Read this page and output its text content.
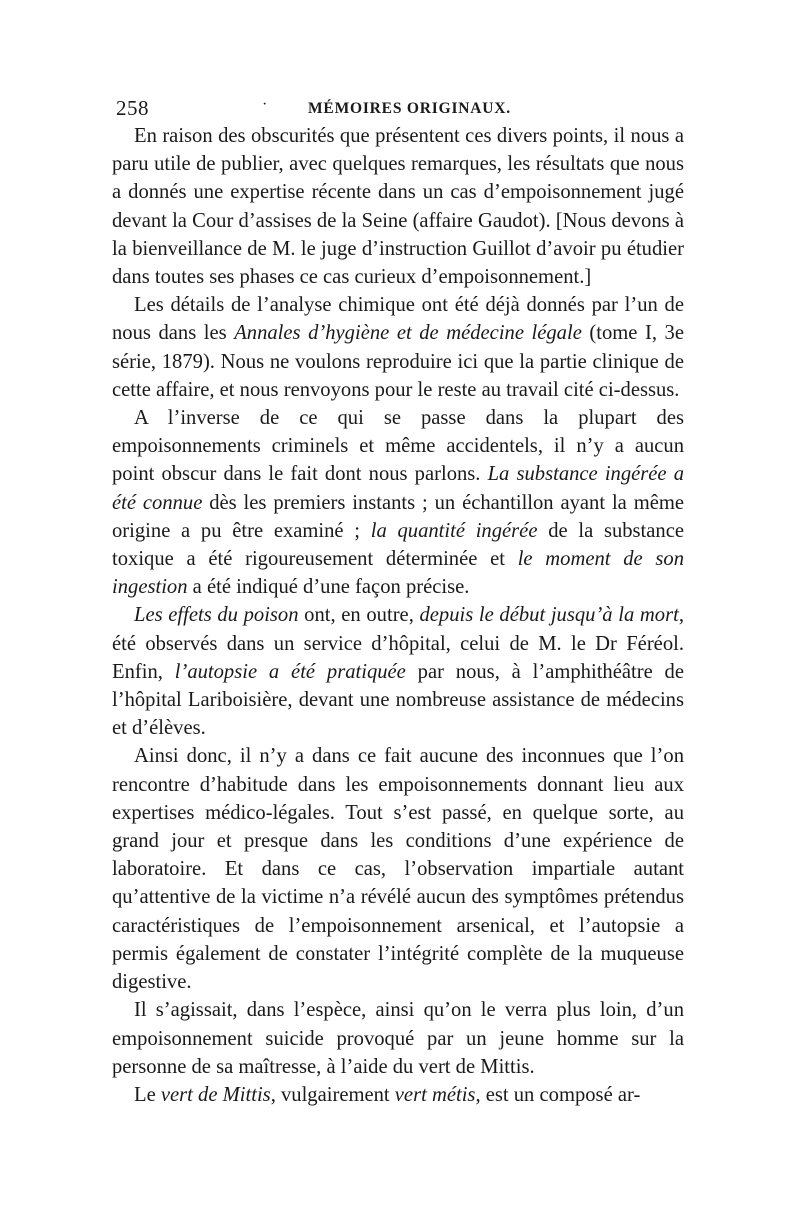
258	·	MÉMOIRES ORIGINAUX.

En raison des obscurités que présentent ces divers points, il nous a paru utile de publier, avec quelques remarques, les résultats que nous a donnés une expertise récente dans un cas d’empoisonnement jugé devant la Cour d’assises de la Seine (affaire Gaudot). [Nous devons à la bienveillance de M. le juge d’instruction Guillot d’avoir pu étudier dans toutes ses phases ce cas curieux d’empoisonnement.]

Les détails de l’analyse chimique ont été déjà donnés par l’un de nous dans les Annales d’hygiène et de médecine légale (tome I, 3e série, 1879). Nous ne voulons reproduire ici que la partie clinique de cette affaire, et nous renvoyons pour le reste au travail cité ci-dessus.

A l’inverse de ce qui se passe dans la plupart des empoisonnements criminels et même accidentels, il n’y a aucun point obscur dans le fait dont nous parlons. La substance ingérée a été connue dès les premiers instants ; un échantillon ayant la même origine a pu être examiné ; la quantité ingérée de la substance toxique a été rigoureusement déterminée et le moment de son ingestion a été indiqué d’une façon précise.

Les effets du poison ont, en outre, depuis le début jusqu’à la mort, été observés dans un service d’hôpital, celui de M. le Dr Féréol. Enfin, l’autopsie a été pratiquée par nous, à l’amphithéâtre de l’hôpital Lariboisière, devant une nombreuse assistance de médecins et d’élèves.

Ainsi donc, il n’y a dans ce fait aucune des inconnues que l’on rencontre d’habitude dans les empoisonnements donnant lieu aux expertises médico-légales. Tout s’est passé, en quelque sorte, au grand jour et presque dans les conditions d’une expérience de laboratoire. Et dans ce cas, l’observation impartiale autant qu’attentive de la victime n’a révélé aucun des symptômes prétendus caractéristiques de l’empoisonnement arsenical, et l’autopsie a permis également de constater l’intégrité complète de la muqueuse digestive.

Il s’agissait, dans l’espèce, ainsi qu’on le verra plus loin, d’un empoisonnement suicide provoqué par un jeune homme sur la personne de sa maîtresse, à l’aide du vert de Mittis.

Le vert de Mittis, vulgairement vert métis, est un composé ar-
